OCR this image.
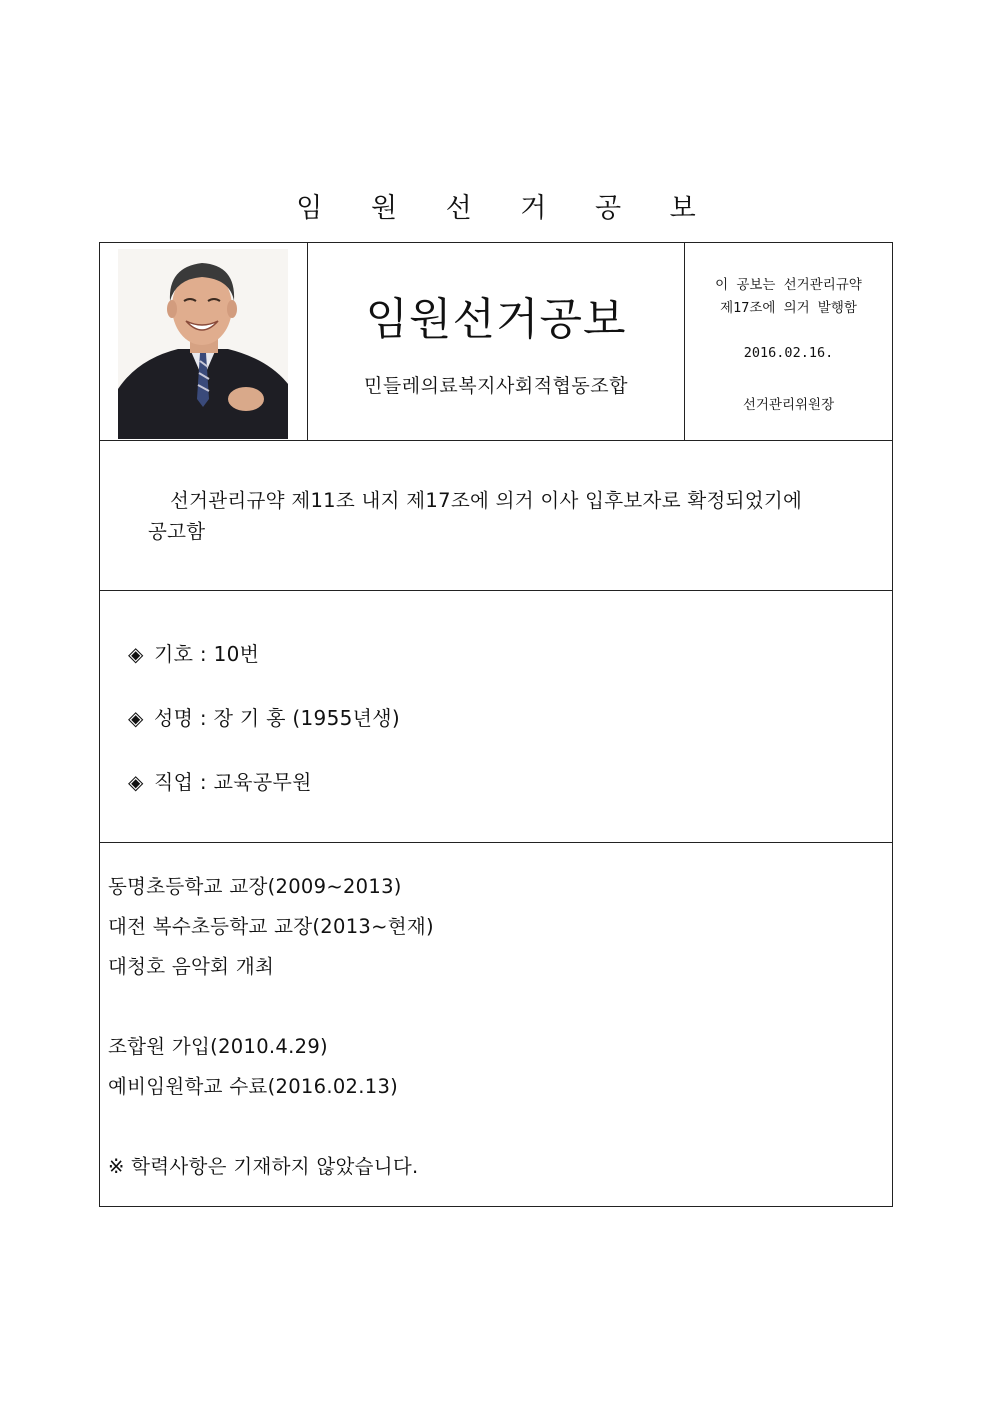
임 원 선 거 공 보
임원선거공보
민들레의료복지사회적협동조합
이 공보는 선거관리규약
제17조에 의거 발행함
2016.02.16.
선거관리위원장
선거관리규약 제11조 내지 제17조에 의거 이사 입후보자로 확정되었기에
공고함
◈ 기호 : 10번
◈ 성명 : 장 기 홍 (1955년생)
◈ 직업 : 교육공무원
동명초등학교 교장(2009~2013)
대전 복수초등학교 교장(2013~현재)
대청호 음악회 개최
조합원 가입(2010.4.29)
예비임원학교 수료(2016.02.13)
※ 학력사항은 기재하지 않았습니다.
